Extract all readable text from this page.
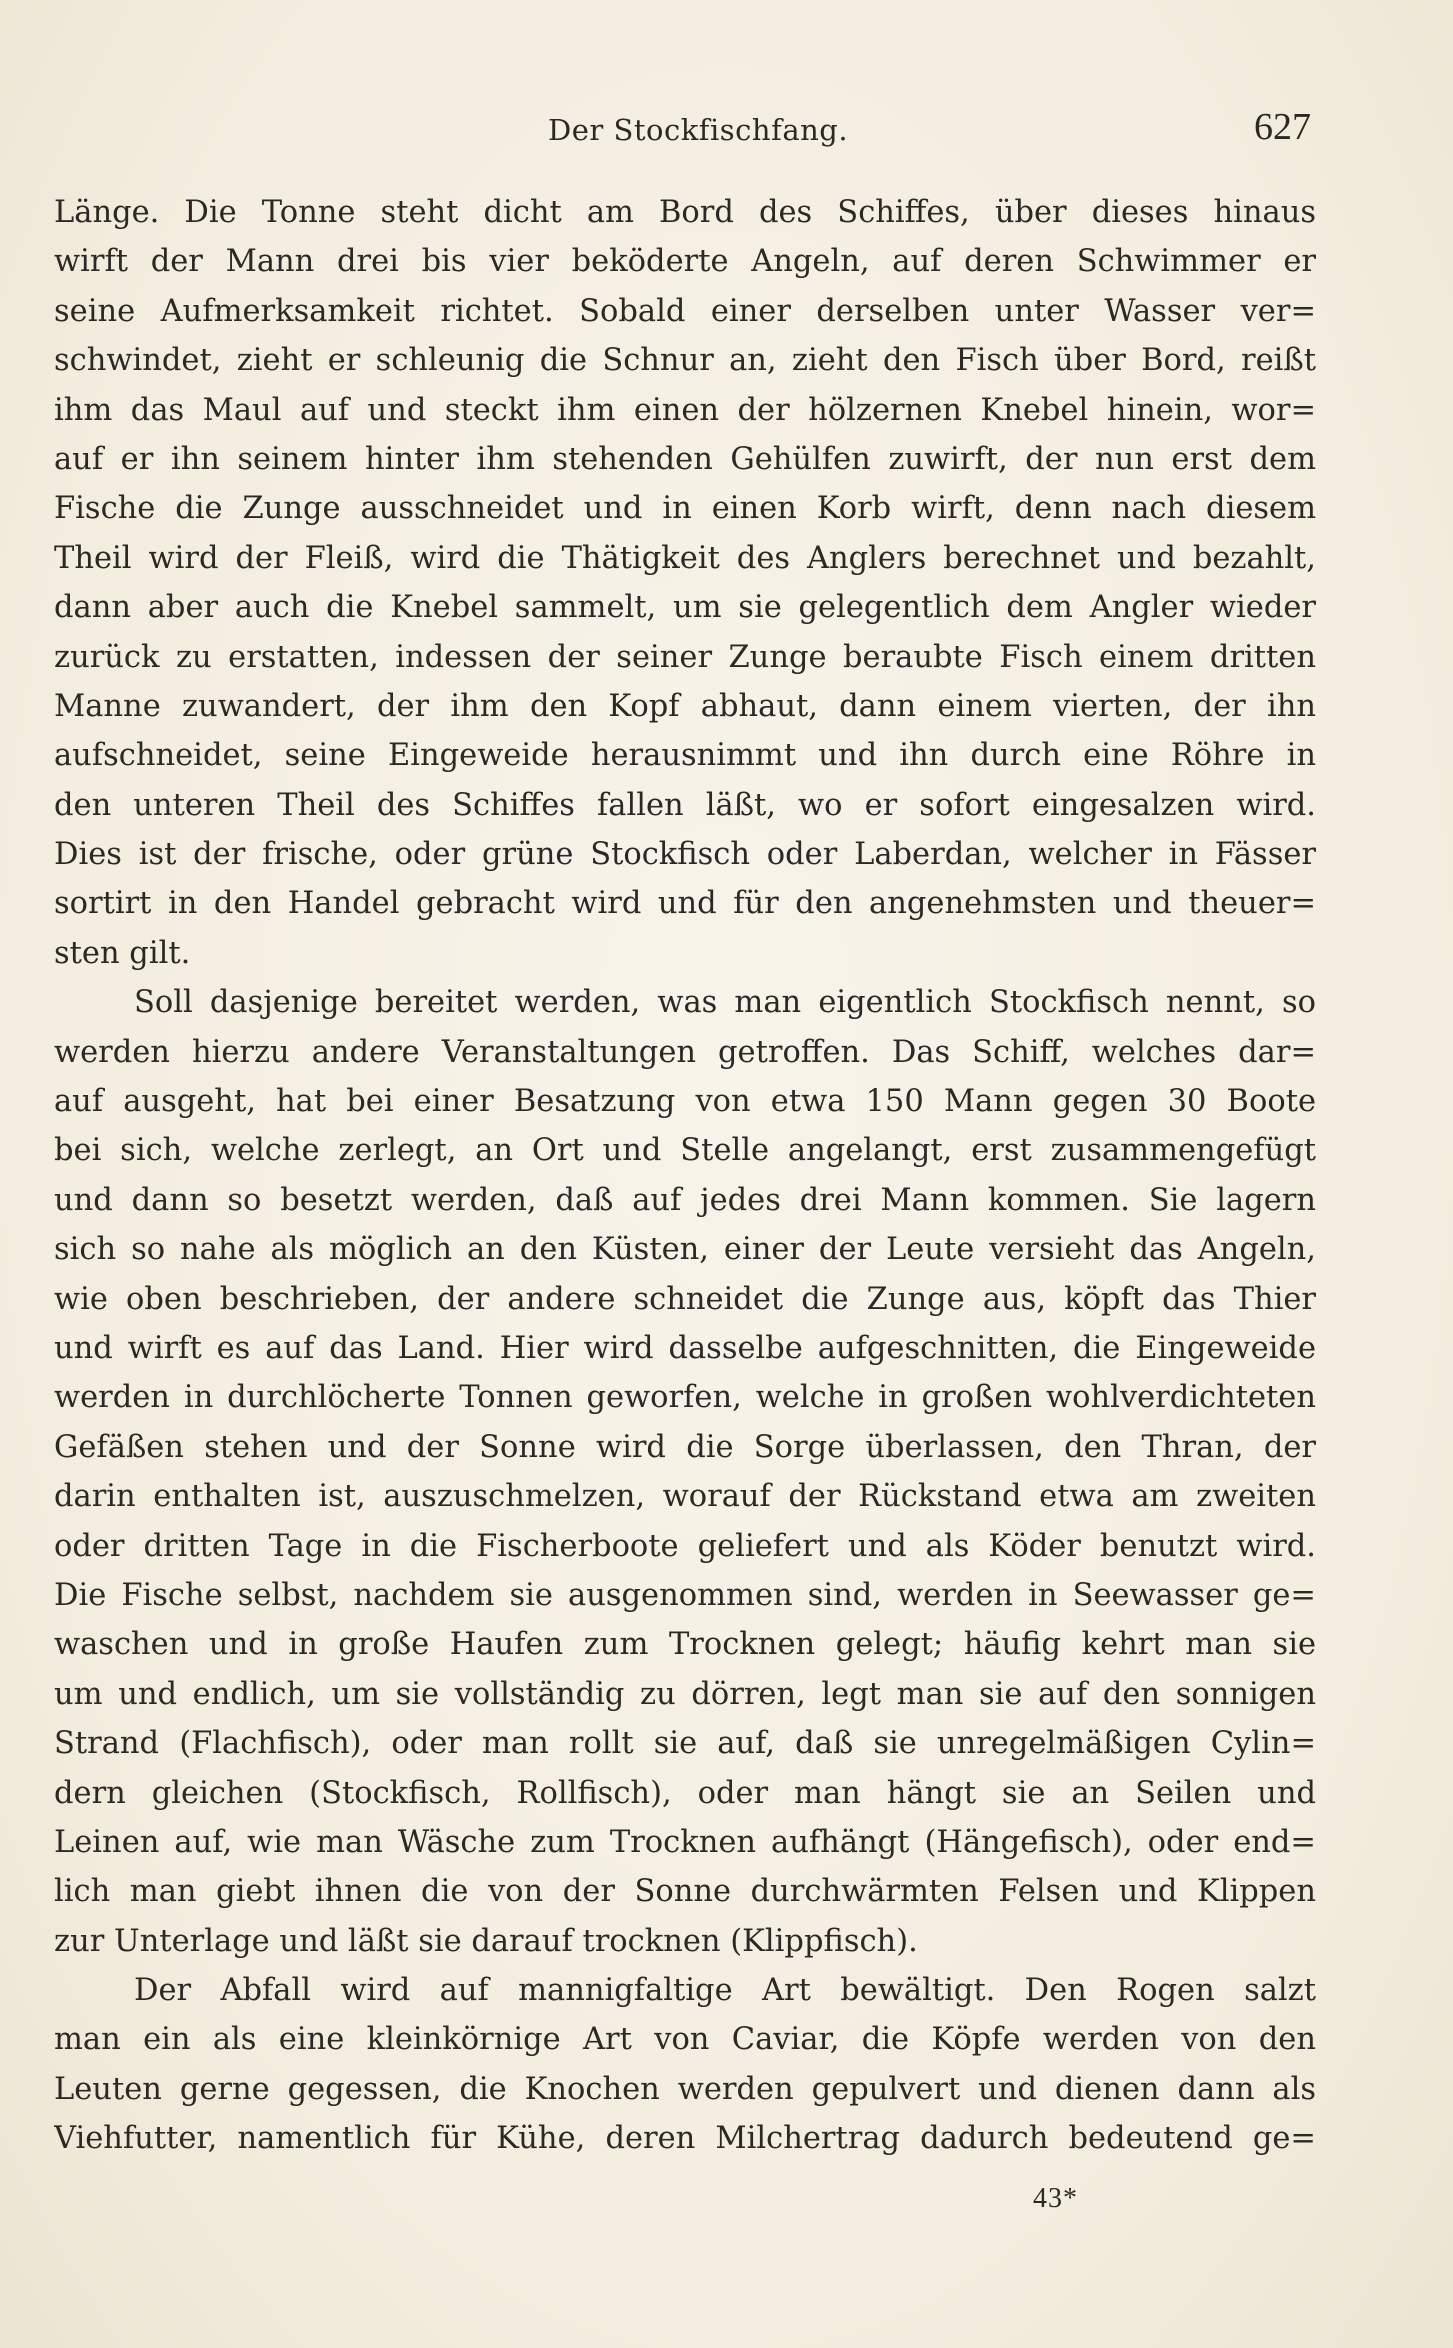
Der Stockfischfang.	627
Länge. Die Tonne steht dicht am Bord des Schiffes, über dieses hinaus
wirft der Mann drei bis vier beköderte Angeln, auf deren Schwimmer er
seine Aufmerksamkeit richtet. Sobald einer derselben unter Wasser ver=
schwindet, zieht er schleunig die Schnur an, zieht den Fisch über Bord, reißt
ihm das Maul auf und steckt ihm einen der hölzernen Knebel hinein, wor=
auf er ihn seinem hinter ihm stehenden Gehülfen zuwirft, der nun erst dem
Fische die Zunge ausschneidet und in einen Korb wirft, denn nach diesem
Theil wird der Fleiß, wird die Thätigkeit des Anglers berechnet und bezahlt,
dann aber auch die Knebel sammelt, um sie gelegentlich dem Angler wieder
zurück zu erstatten, indessen der seiner Zunge beraubte Fisch einem dritten
Manne zuwandert, der ihm den Kopf abhaut, dann einem vierten, der ihn
aufschneidet, seine Eingeweide herausnimmt und ihn durch eine Röhre in
den unteren Theil des Schiffes fallen läßt, wo er sofort eingesalzen wird.
Dies ist der frische, oder grüne Stockfisch oder Laberdan, welcher in Fässer
sortirt in den Handel gebracht wird und für den angenehmsten und theuer=
sten gilt.
Soll dasjenige bereitet werden, was man eigentlich Stockfisch nennt, so
werden hierzu andere Veranstaltungen getroffen. Das Schiff, welches dar=
auf ausgeht, hat bei einer Besatzung von etwa 150 Mann gegen 30 Boote
bei sich, welche zerlegt, an Ort und Stelle angelangt, erst zusammengefügt
und dann so besetzt werden, daß auf jedes drei Mann kommen. Sie lagern
sich so nahe als möglich an den Küsten, einer der Leute versieht das Angeln,
wie oben beschrieben, der andere schneidet die Zunge aus, köpft das Thier
und wirft es auf das Land. Hier wird dasselbe aufgeschnitten, die Eingeweide
werden in durchlöcherte Tonnen geworfen, welche in großen wohlverdichteten
Gefäßen stehen und der Sonne wird die Sorge überlassen, den Thran, der
darin enthalten ist, auszuschmelzen, worauf der Rückstand etwa am zweiten
oder dritten Tage in die Fischerboote geliefert und als Köder benutzt wird.
Die Fische selbst, nachdem sie ausgenommen sind, werden in Seewasser ge=
waschen und in große Haufen zum Trocknen gelegt; häufig kehrt man sie
um und endlich, um sie vollständig zu dörren, legt man sie auf den sonnigen
Strand (Flachfisch), oder man rollt sie auf, daß sie unregelmäßigen Cylin=
dern gleichen (Stockfisch, Rollfisch), oder man hängt sie an Seilen und
Leinen auf, wie man Wäsche zum Trocknen aufhängt (Hängefisch), oder end=
lich man giebt ihnen die von der Sonne durchwärmten Felsen und Klippen
zur Unterlage und läßt sie darauf trocknen (Klippfisch).
Der Abfall wird auf mannigfaltige Art bewältigt. Den Rogen salzt
man ein als eine kleinkörnige Art von Caviar, die Köpfe werden von den
Leuten gerne gegessen, die Knochen werden gepulvert und dienen dann als
Viehfutter, namentlich für Kühe, deren Milchertrag dadurch bedeutend ge=
43*
